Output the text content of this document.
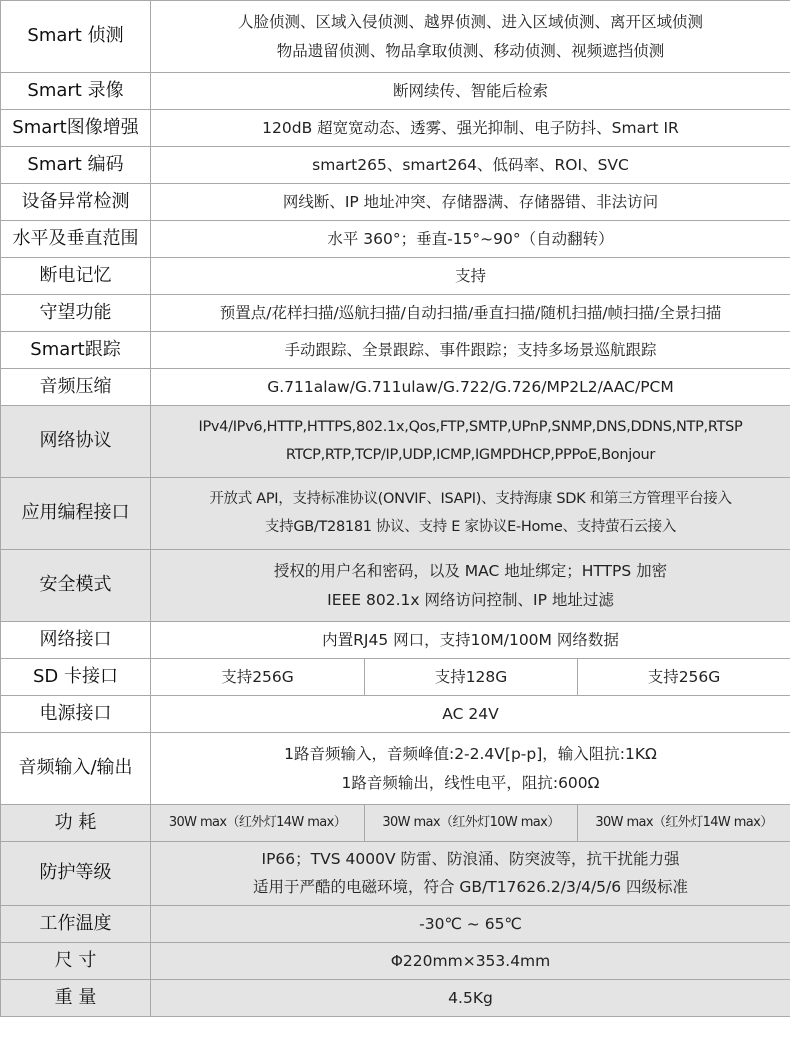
Smart 侦测	人脸侦测、区域入侵侦测、越界侦测、进入区域侦测、离开区域侦测
物品遗留侦测、物品拿取侦测、移动侦测、视频遮挡侦测		

Smart 录像	断网续传、智能后检索		

Smart图像增强	120dB 超宽宽动态、透雾、强光抑制、电子防抖、Smart IR		

Smart 编码	smart265、smart264、低码率、ROI、SVC		

设备异常检测	网线断、IP 地址冲突、存储器满、存储器错、非法访问		

水平及垂直范围	水平 360°；垂直-15°~90°（自动翻转）		

断电记忆	支持		

守望功能	预置点/花样扫描/巡航扫描/自动扫描/垂直扫描/随机扫描/帧扫描/全景扫描		

Smart跟踪	手动跟踪、全景跟踪、事件跟踪；支持多场景巡航跟踪		

音频压缩	G.711alaw/G.711ulaw/G.722/G.726/MP2L2/AAC/PCM		

网络协议	IPv4/IPv6,HTTP,HTTPS,802.1x,Qos,FTP,SMTP,UPnP,SNMP,DNS,DDNS,NTP,RTSP
RTCP,RTP,TCP/IP,UDP,ICMP,IGMPDHCP,PPPoE,Bonjour		

应用编程接口	开放式 API，支持标准协议(ONVIF、ISAPI)、支持海康 SDK 和第三方管理平台接入
支持GB/T28181 协议、支持 E 家协议E-Home、支持萤石云接入		

安全模式	授权的用户名和密码，以及 MAC 地址绑定；HTTPS 加密
IEEE 802.1x 网络访问控制、IP 地址过滤		

网络接口	内置RJ45 网口，支持10M/100M 网络数据		

SD 卡接口	支持256G	支持128G	支持256G
电源接口	AC 24V		

音频输入/输出	1路音频输入，音频峰值:2-2.4V[p-p]，输入阻抗:1KΩ
1路音频输出，线性电平，阻抗:600Ω		

功 耗	30W max（红外灯14W max）	30W max（红外灯10W max）	30W max（红外灯14W max）
防护等级	IP66；TVS 4000V 防雷、防浪涌、防突波等，抗干扰能力强
适用于严酷的电磁环境，符合 GB/T17626.2/3/4/5/6 四级标准		

工作温度	-30℃ ~ 65℃		

尺 寸	Φ220mm×353.4mm		

重 量	4.5Kg		
